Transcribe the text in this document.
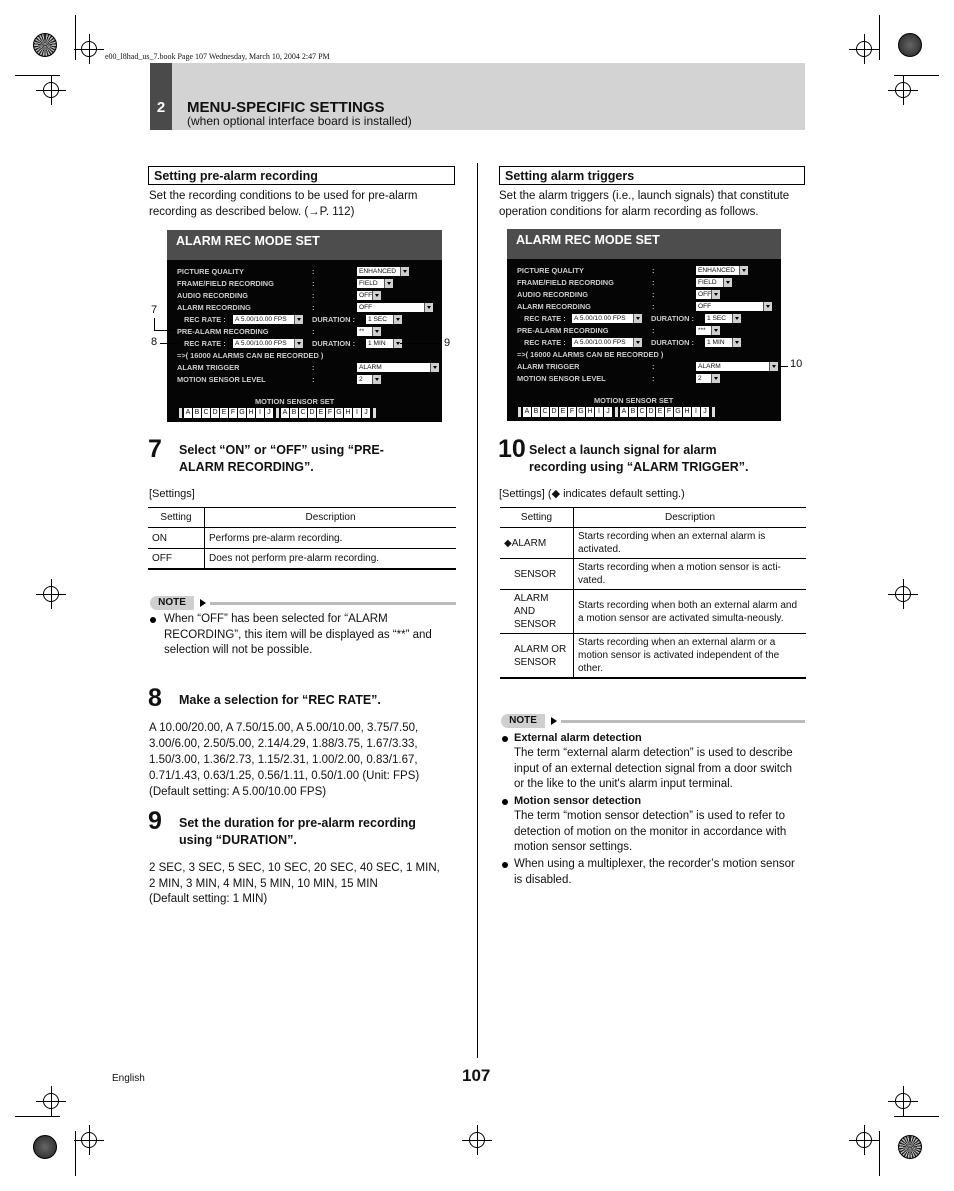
e00_l8had_us_7.book Page 107 Wednesday, March 10, 2004 2:47 PM
2	MENU-SPECIFIC SETTINGS
(when optional interface board is installed)
Setting pre-alarm recording
Set the recording conditions to be used for pre-alarm
recording as described below. (→P. 112)
ALARM REC MODE SET
PICTURE QUALITY	:	ENHANCED
FRAME/FIELD RECORDING	:	FIELD
AUDIO RECORDING	:	OFF
ALARM RECORDING	:	OFF
REC RATE :	A 5.00/10.00 FPS	DURATION :	1 SEC
PRE-ALARM RECORDING	:	**
REC RATE :	A 5.00/10.00 FPS	DURATION :	1 MIN
=>( 16000 ALARMS CAN BE RECORDED )
ALARM TRIGGER	:	ALARM
MOTION SENSOR LEVEL	:	2
MOTION SENSOR SET
A B C D E F G H I J	A B C D E F G H I J
7
8	9
7 Select “ON” or “OFF” using “PRE-
ALARM RECORDING”.
[Settings]
Setting	Description
ON	Performs pre-alarm recording.
OFF	Does not perform pre-alarm recording.
NOTE
When “OFF” has been selected for “ALARM
RECORDING”, this item will be displayed as “**” and
selection will not be possible.
8 Make a selection for “REC RATE”.
A 10.00/20.00, A 7.50/15.00, A 5.00/10.00, 3.75/7.50,
3.00/6.00, 2.50/5.00, 2.14/4.29, 1.88/3.75, 1.67/3.33,
1.50/3.00, 1.36/2.73, 1.15/2.31, 1.00/2.00, 0.83/1.67,
0.71/1.43, 0.63/1.25, 0.56/1.11, 0.50/1.00 (Unit: FPS)
(Default setting: A 5.00/10.00 FPS)
9 Set the duration for pre-alarm recording
using “DURATION”.
2 SEC, 3 SEC, 5 SEC, 10 SEC, 20 SEC, 40 SEC, 1 MIN,
2 MIN, 3 MIN, 4 MIN, 5 MIN, 10 MIN, 15 MIN
(Default setting: 1 MIN)
Setting alarm triggers
Set the alarm triggers (i.e., launch signals) that constitute
operation conditions for alarm recording as follows.
ALARM REC MODE SET
PICTURE QUALITY	:	ENHANCED
FRAME/FIELD RECORDING	:	FIELD
AUDIO RECORDING	:	OFF
ALARM RECORDING	:	OFF
REC RATE :	A 5.00/10.00 FPS	DURATION :	1 SEC
PRE-ALARM RECORDING	:	***
REC RATE :	A 5.00/10.00 FPS	DURATION :	1 MIN
=>( 16000 ALARMS CAN BE RECORDED )
ALARM TRIGGER	:	ALARM
MOTION SENSOR LEVEL	:	2
MOTION SENSOR SET
A B C D E F G H I J	A B C D E F G H I J
10
10 Select a launch signal for alarm
recording using “ALARM TRIGGER”.
[Settings] (◆ indicates default setting.)
Setting	Description
◆ALARM	Starts recording when an external alarm is activated.
SENSOR	Starts recording when a motion sensor is acti-vated.
ALARM AND SENSOR	Starts recording when both an external alarm and a motion sensor are activated simulta-neously.
ALARM OR SENSOR	Starts recording when an external alarm or a motion sensor is activated independent of the other.
NOTE
External alarm detection
The term “external alarm detection” is used to describe
input of an external detection signal from a door switch
or the like to the unit's alarm input terminal.
Motion sensor detection
The term “motion sensor detection” is used to refer to
detection of motion on the monitor in accordance with
motion sensor settings.
When using a multiplexer, the recorder’s motion sensor
is disabled.
English	107
